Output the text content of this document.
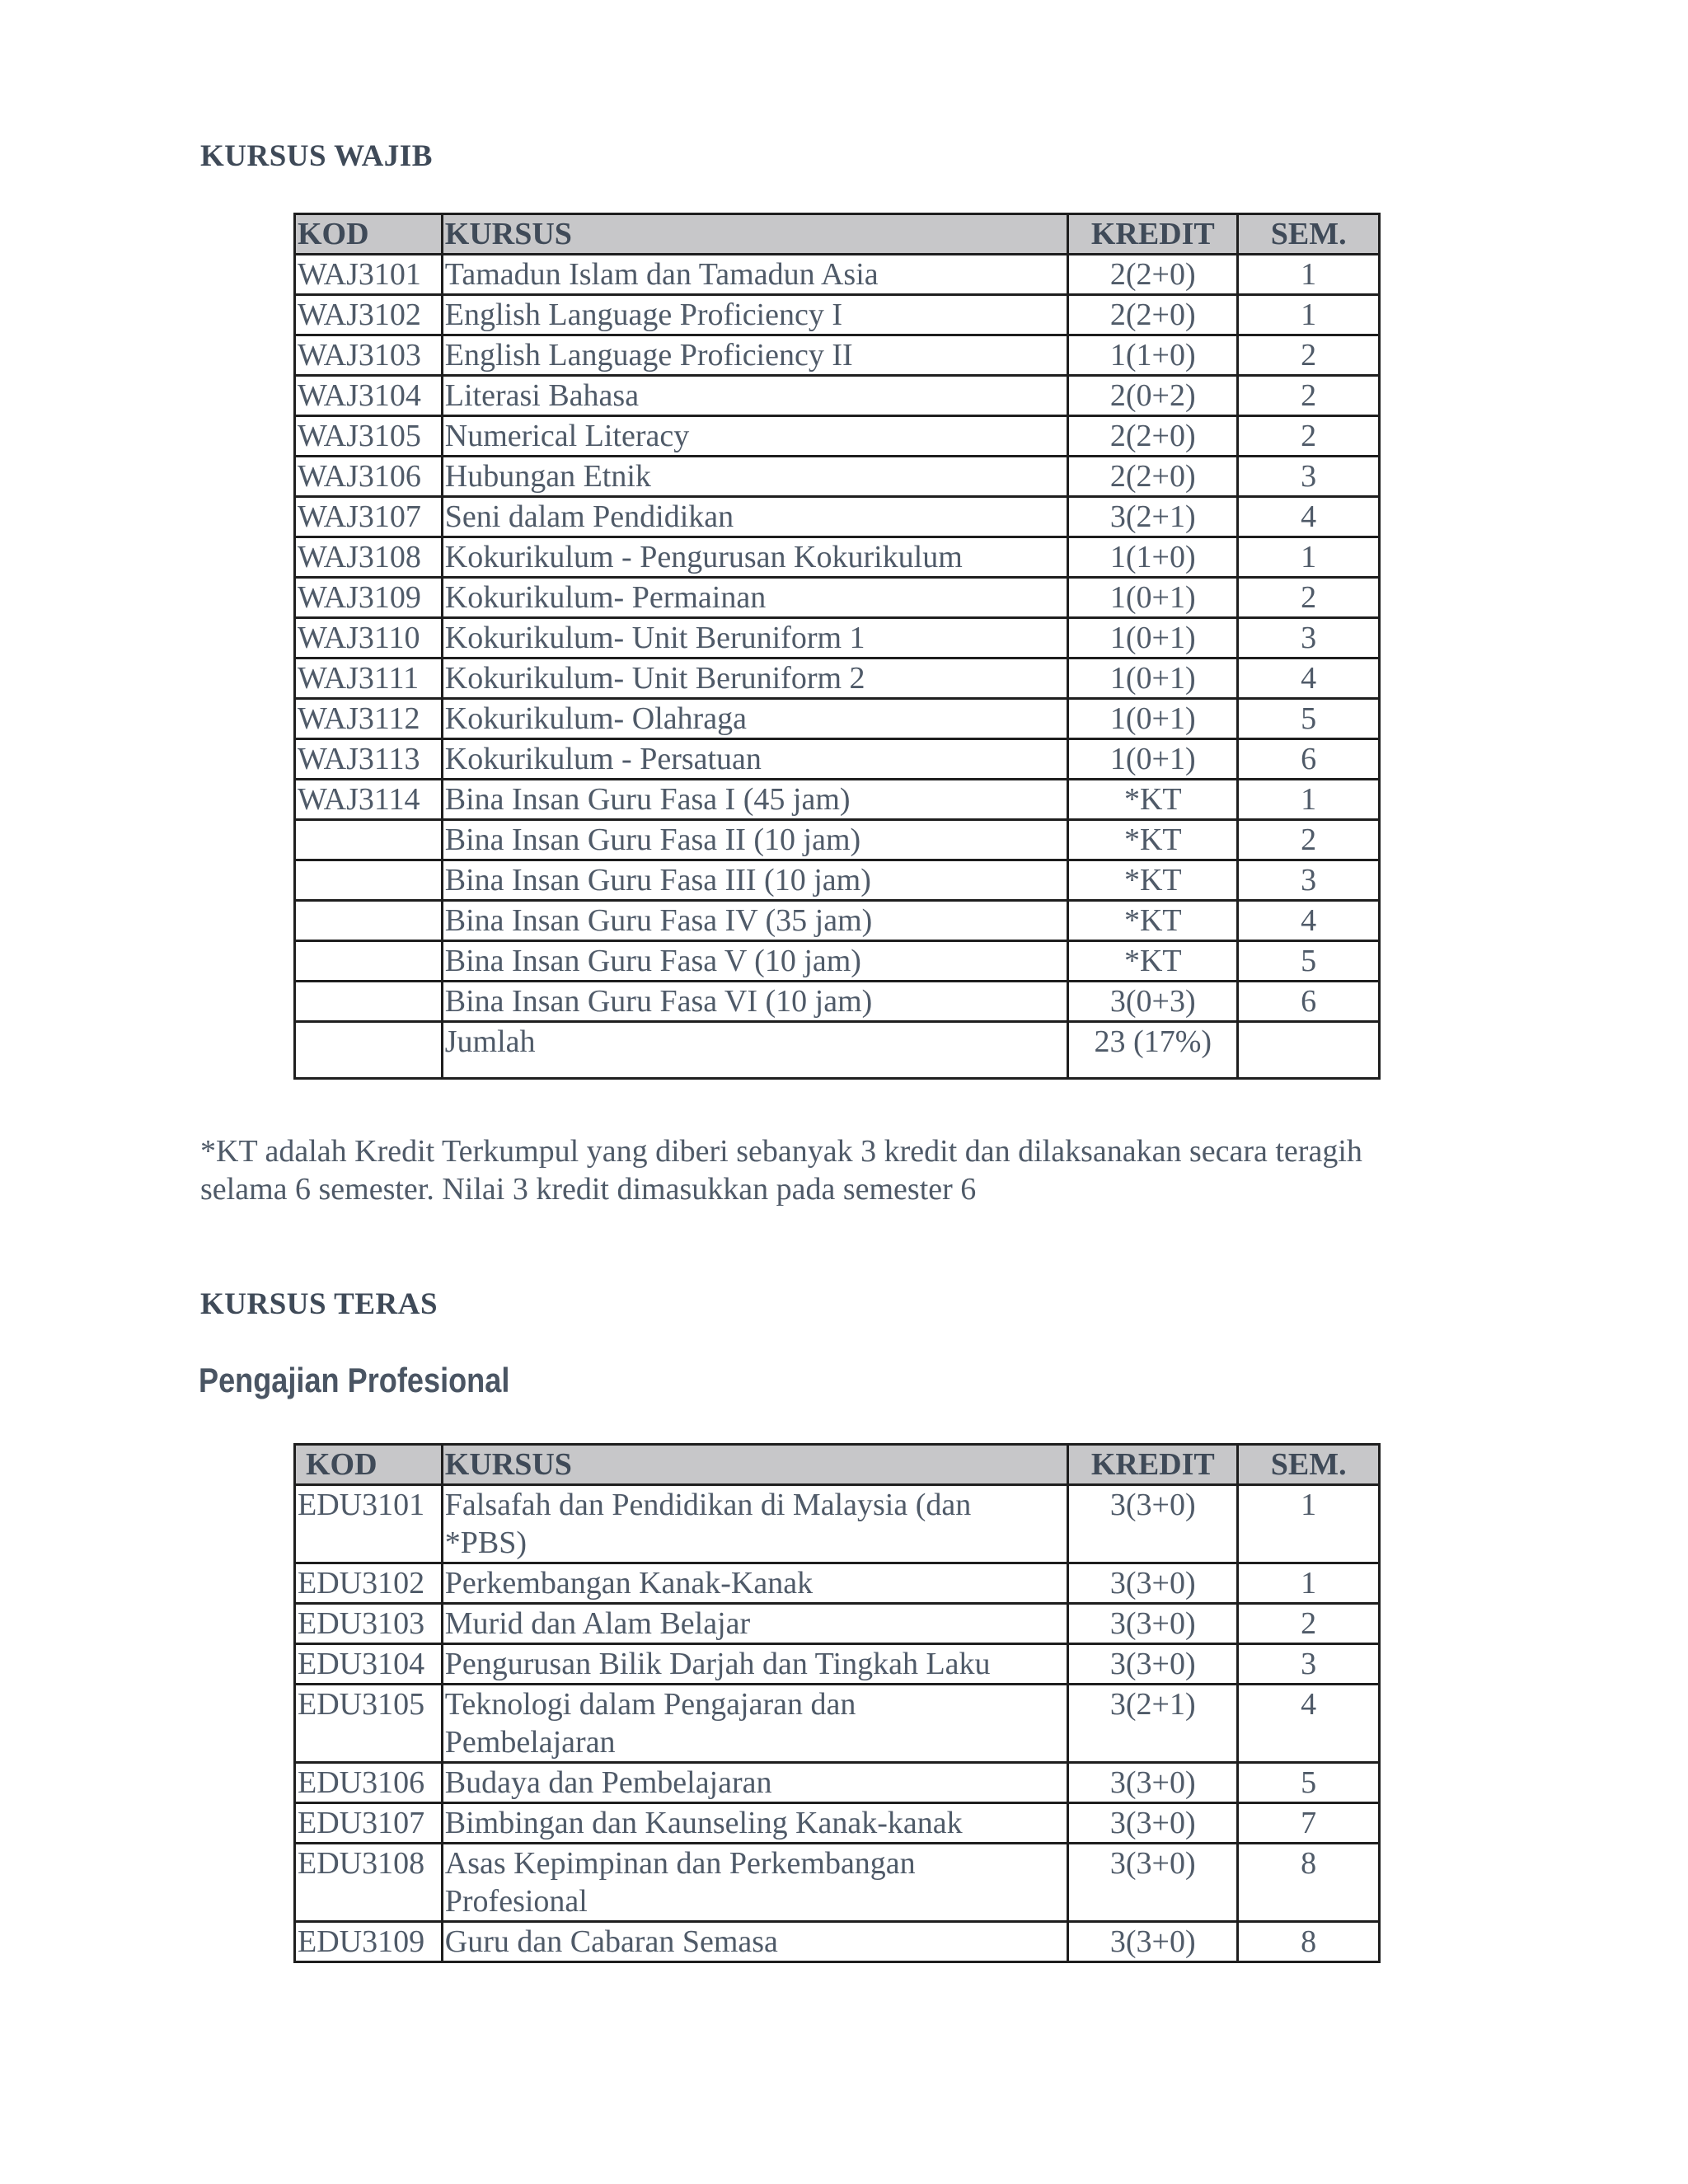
KURSUS WAJIB
KOD	KURSUS	KREDIT	SEM.
WAJ3101	Tamadun Islam dan Tamadun Asia	2(2+0)	1
WAJ3102	English Language Proficiency I	2(2+0)	1
WAJ3103	English Language Proficiency II	1(1+0)	2
WAJ3104	Literasi Bahasa	2(0+2)	2
WAJ3105	Numerical Literacy	2(2+0)	2
WAJ3106	Hubungan Etnik	2(2+0)	3
WAJ3107	Seni dalam Pendidikan	3(2+1)	4
WAJ3108	Kokurikulum - Pengurusan Kokurikulum	1(1+0)	1
WAJ3109	Kokurikulum- Permainan	1(0+1)	2
WAJ3110	Kokurikulum- Unit Beruniform 1	1(0+1)	3
WAJ3111	Kokurikulum- Unit Beruniform 2	1(0+1)	4
WAJ3112	Kokurikulum- Olahraga	1(0+1)	5
WAJ3113	Kokurikulum - Persatuan	1(0+1)	6
WAJ3114	Bina Insan Guru Fasa I (45 jam)	*KT	1
	Bina Insan Guru Fasa II (10 jam)	*KT	2
	Bina Insan Guru Fasa III (10 jam)	*KT	3
	Bina Insan Guru Fasa IV (35 jam)	*KT	4
	Bina Insan Guru Fasa V (10 jam)	*KT	5
	Bina Insan Guru Fasa VI (10 jam)	3(0+3)	6
	Jumlah	23 (17%)	
*KT adalah Kredit Terkumpul yang diberi sebanyak 3 kredit dan dilaksanakan secara teragih
selama 6 semester. Nilai 3 kredit dimasukkan pada semester 6
KURSUS TERAS
Pengajian Profesional
KOD	KURSUS	KREDIT	SEM.
EDU3101	Falsafah dan Pendidikan di Malaysia (dan
*PBS)	3(3+0)	1
EDU3102	Perkembangan Kanak-Kanak	3(3+0)	1
EDU3103	Murid dan Alam Belajar	3(3+0)	2
EDU3104	Pengurusan Bilik Darjah dan Tingkah Laku	3(3+0)	3
EDU3105	Teknologi dalam Pengajaran dan
Pembelajaran	3(2+1)	4
EDU3106	Budaya dan Pembelajaran	3(3+0)	5
EDU3107	Bimbingan dan Kaunseling Kanak-kanak	3(3+0)	7
EDU3108	Asas Kepimpinan dan Perkembangan
Profesional	3(3+0)	8
EDU3109	Guru dan Cabaran Semasa	3(3+0)	8
